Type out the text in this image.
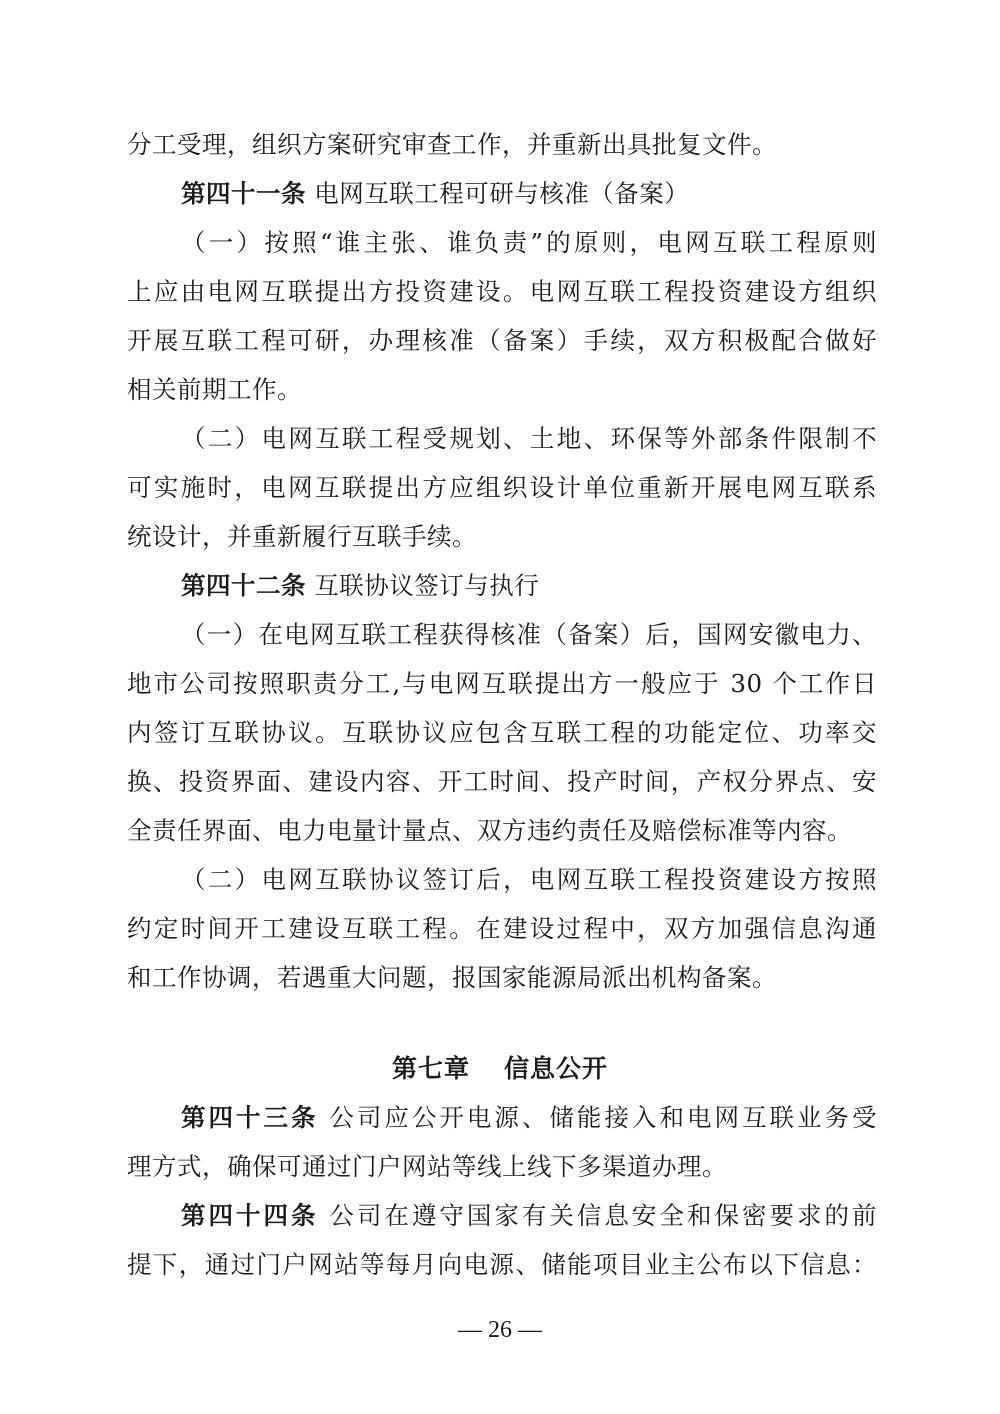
分工受理，组织方案研究审查工作，并重新出具批复文件。
第四十一条 电网互联工程可研与核准（备案）
（一）按照“谁主张、谁负责”的原则，电网互联工程原则
上应由电网互联提出方投资建设。电网互联工程投资建设方组织
开展互联工程可研，办理核准（备案）手续，双方积极配合做好
相关前期工作。
（二）电网互联工程受规划、土地、环保等外部条件限制不
可实施时，电网互联提出方应组织设计单位重新开展电网互联系
统设计，并重新履行互联手续。
第四十二条 互联协议签订与执行
（一）在电网互联工程获得核准（备案）后，国网安徽电力、
地市公司按照职责分工,与电网互联提出方一般应于 30 个工作日
内签订互联协议。互联协议应包含互联工程的功能定位、功率交
换、投资界面、建设内容、开工时间、投产时间，产权分界点、安
全责任界面、电力电量计量点、双方违约责任及赔偿标准等内容。
（二）电网互联协议签订后，电网互联工程投资建设方按照
约定时间开工建设互联工程。在建设过程中，双方加强信息沟通
和工作协调，若遇重大问题，报国家能源局派出机构备案。
第七章 信息公开
第四十三条 公司应公开电源、储能接入和电网互联业务受
理方式，确保可通过门户网站等线上线下多渠道办理。
第四十四条 公司在遵守国家有关信息安全和保密要求的前
提下，通过门户网站等每月向电源、储能项目业主公布以下信息：
— 26 —
